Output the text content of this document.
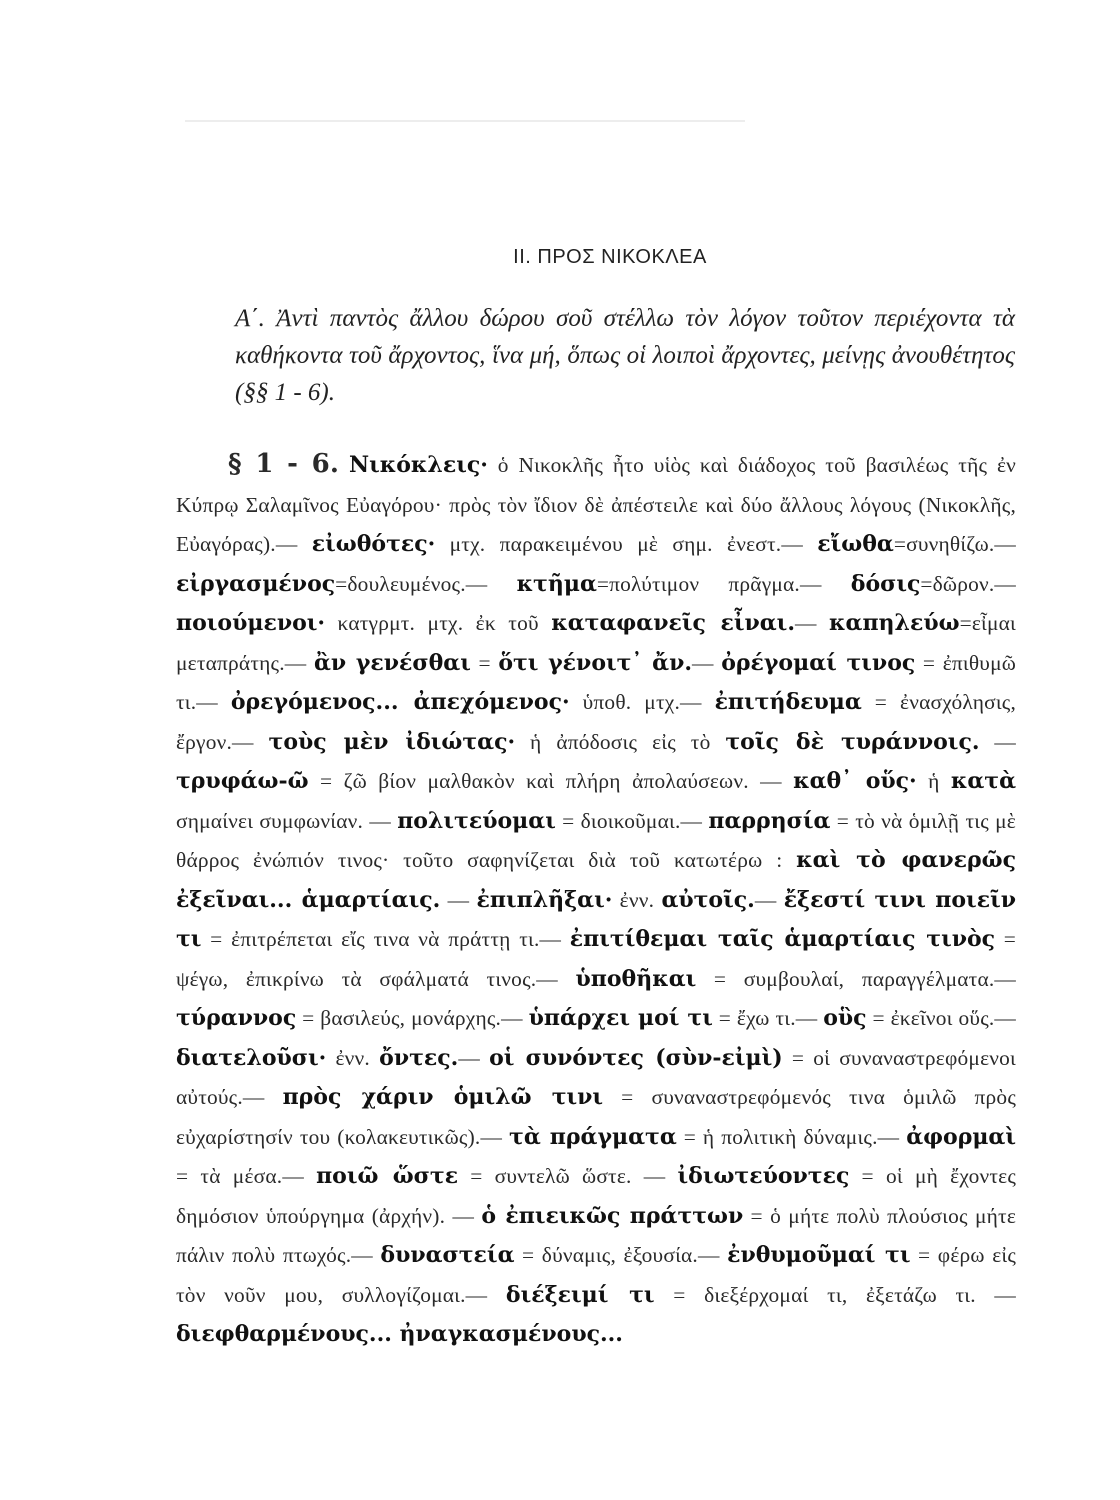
II. ΠΡΟΣ ΝΙΚΟΚΛΕΑ
Α΄. Ἀντὶ παντὸς ἄλλου δώρου σοῦ στέλλω τὸν λόγον τοῦτον περιέχοντα τὰ καθήκοντα τοῦ ἄρχοντος, ἵνα μή, ὅπως οἱ λοιποὶ ἄρχοντες, μείνῃς ἀνουθέτητος (§§ 1 - 6).
§ 1 - 6. Νικόκλεις· ὁ Νικοκλῆς ἦτο υἱὸς καὶ διάδοχος τοῦ βασιλέως τῆς ἐν Κύπρῳ Σαλαμῖνος Εὐαγόρου· πρὸς τὸν ἴδιον δὲ ἀπέστειλε καὶ δύο ἄλλους λόγους (Νικοκλῆς, Εὐαγόρας).— εἰωθότες· μτχ. παρακειμένου μὲ σημ. ἐνεστ.— εἴωθα=συνηθίζω.— εἰργασμένος=δουλευμένος.— κτῆμα=πολύτιμον πρᾶγμα.— δόσις=δῶρον.— ποιούμενοι· κατγρμτ. μτχ. ἐκ τοῦ καταφανεῖς εἶναι.— καπηλεύω=εἶμαι μεταπράτης.— ἂν γενέσθαι = ὅτι γένοιτ᾽ ἄν.— ὀρέγομαί τινος = ἐπιθυμῶ τι.— ὀρεγόμενος... ἀπεχόμενος· ὑποθ. μτχ.— ἐπιτήδευμα = ἐνασχόλησις, ἔργον.— τοὺς μὲν ἰδιώτας· ἡ ἀπόδοσις εἰς τὸ τοῖς δὲ τυράννοις. — τρυφάω-ῶ = ζῶ βίον μαλθακὸν καὶ πλήρη ἀπολαύσεων. — καθ᾽ οὕς· ἡ κατὰ σημαίνει συμφωνίαν. — πολιτεύομαι = διοικοῦμαι.— παρρησία = τὸ νὰ ὁμιλῇ τις μὲ θάρρος ἐνώπιόν τινος· τοῦτο σαφηνίζεται διὰ τοῦ κατωτέρω : καὶ τὸ φανερῶς ἐξεῖναι... ἁμαρτίαις. — ἐπιπλῆξαι· ἐνν. αὐτοῖς.— ἔξεστί τινι ποιεῖν τι = ἐπιτρέπεται εἴς τινα νὰ πράττῃ τι.— ἐπιτίθεμαι ταῖς ἁμαρτίαις τινὸς = ψέγω, ἐπικρίνω τὰ σφάλματά τινος.— ὑποθῆκαι = συμβουλαί, παραγγέλματα.— τύραννος = βασιλεύς, μονάρχης.— ὑπάρχει μοί τι = ἔχω τι.— οὓς = ἐκεῖνοι οὕς.— διατελοῦσι· ἐνν. ὄντες.— οἱ συνόντες (σὺν-εἰμὶ) = οἱ συναναστρεφόμενοι αὐτούς.— πρὸς χάριν ὁμιλῶ τινι = συναναστρεφόμενός τινα ὁμιλῶ πρὸς εὐχαρίστησίν του (κολακευτικῶς).— τὰ πράγματα = ἡ πολιτικὴ δύναμις.— ἀφορμαὶ = τὰ μέσα.— ποιῶ ὥστε = συντελῶ ὥστε. — ἰδιωτεύοντες = οἱ μὴ ἔχοντες δημόσιον ὑπούργημα (ἀρχήν). — ὁ ἐπιεικῶς πράττων = ὁ μήτε πολὺ πλούσιος μήτε πάλιν πολὺ πτωχός.— δυναστεία = δύναμις, ἐξουσία.— ἐνθυμοῦμαί τι = φέρω εἰς τὸν νοῦν μου, συλλογίζομαι.— διέξειμί τι = διεξέρχομαί τι, ἐξετάζω τι. — διεφθαρμένους... ἠναγκασμένους...
